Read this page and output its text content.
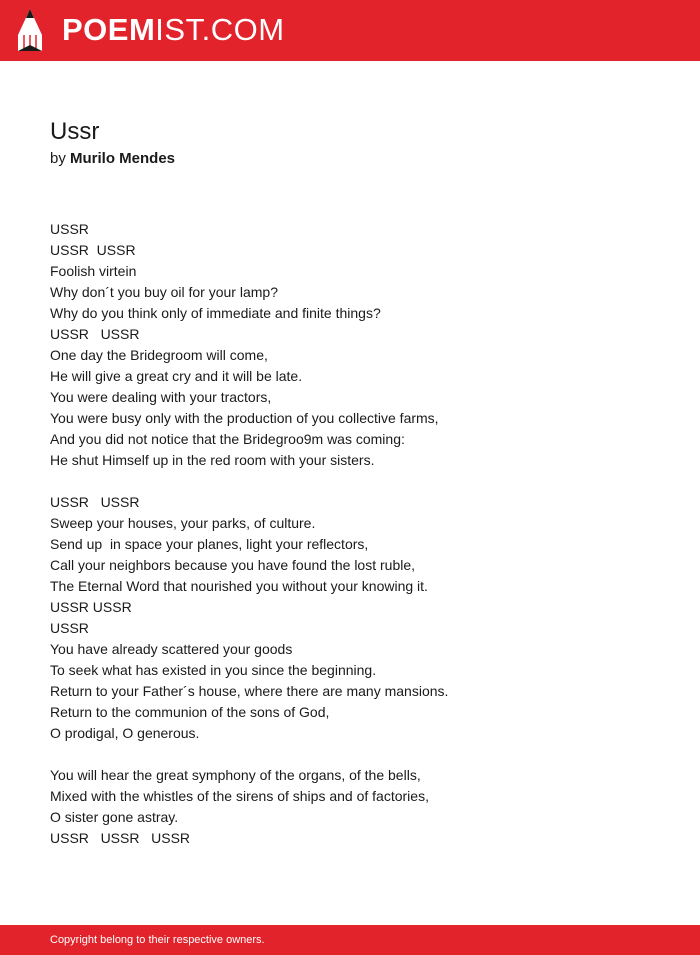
POEMIST.COM
Ussr
by Murilo Mendes
USSR
USSR  USSR
Foolish virtein
Why don´t you buy oil for your lamp?
Why do you think only of immediate and finite things?
USSR   USSR
One day the Bridegroom will come,
He will give a great cry and it will be late.
You were dealing with your tractors,
You were busy only with the production of you collective farms,
And you did not notice that the Bridegroo9m was coming:
He shut Himself up in the red room with your sisters.
USSR   USSR
Sweep your houses, your parks, of culture.
Send up  in space your planes, light your reflectors,
Call your neighbors because you have found the lost ruble,
The Eternal Word that nourished you without your knowing it.
USSR USSR
USSR
You have already scattered your goods
To seek what has existed in you since the beginning.
Return to your Father´s house, where there are many mansions.
Return to the communion of the sons of God,
O prodigal, O generous.
You will hear the great symphony of the organs, of the bells,
Mixed with the whistles of the sirens of ships and of factories,
O sister gone astray.
USSR   USSR   USSR
Copyright belong to their respective owners.
